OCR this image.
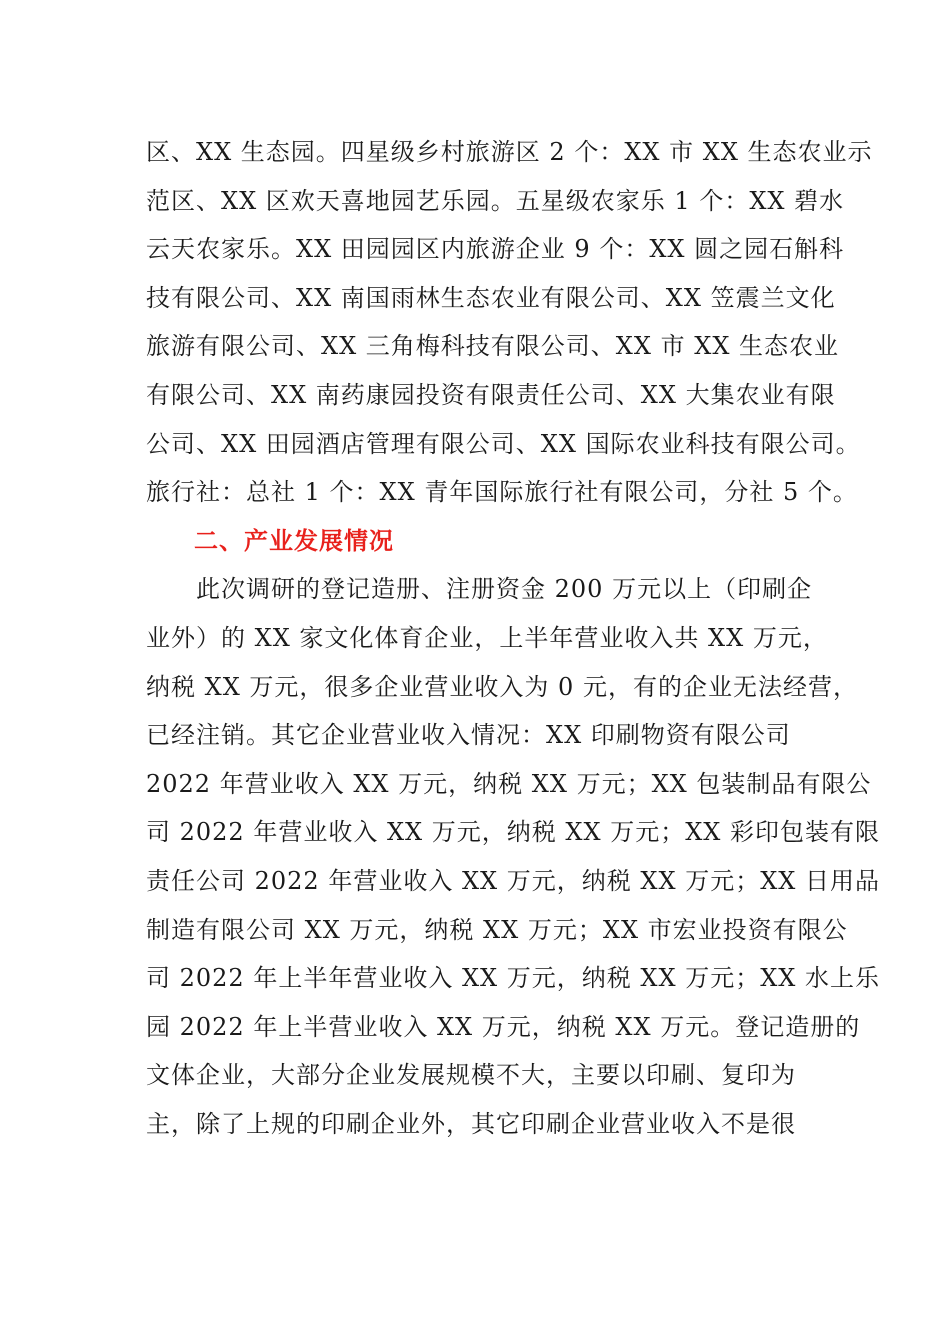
区、XX 生态园。四星级乡村旅游区 2 个：XX 市 XX 生态农业示
范区、XX 区欢天喜地园艺乐园。五星级农家乐 1 个：XX 碧水
云天农家乐。XX 田园园区内旅游企业 9 个：XX 圆之园石斛科
技有限公司、XX 南国雨林生态农业有限公司、XX 笠震兰文化
旅游有限公司、XX 三角梅科技有限公司、XX 市 XX 生态农业
有限公司、XX 南药康园投资有限责任公司、XX 大集农业有限
公司、XX 田园酒店管理有限公司、XX 国际农业科技有限公司。
旅行社：总社 1 个：XX 青年国际旅行社有限公司，分社 5 个。
二、产业发展情况
此次调研的登记造册、注册资金 200 万元以上（印刷企
业外）的 XX 家文化体育企业，上半年营业收入共 XX 万元，
纳税 XX 万元，很多企业营业收入为 0 元，有的企业无法经营，
已经注销。其它企业营业收入情况：XX 印刷物资有限公司
2022 年营业收入 XX 万元，纳税 XX 万元；XX 包装制品有限公
司 2022 年营业收入 XX 万元，纳税 XX 万元；XX 彩印包装有限
责任公司 2022 年营业收入 XX 万元，纳税 XX 万元；XX 日用品
制造有限公司 XX 万元，纳税 XX 万元；XX 市宏业投资有限公
司 2022 年上半年营业收入 XX 万元，纳税 XX 万元；XX 水上乐
园 2022 年上半营业收入 XX 万元，纳税 XX 万元。登记造册的
文体企业，大部分企业发展规模不大，主要以印刷、复印为
主，除了上规的印刷企业外，其它印刷企业营业收入不是很
